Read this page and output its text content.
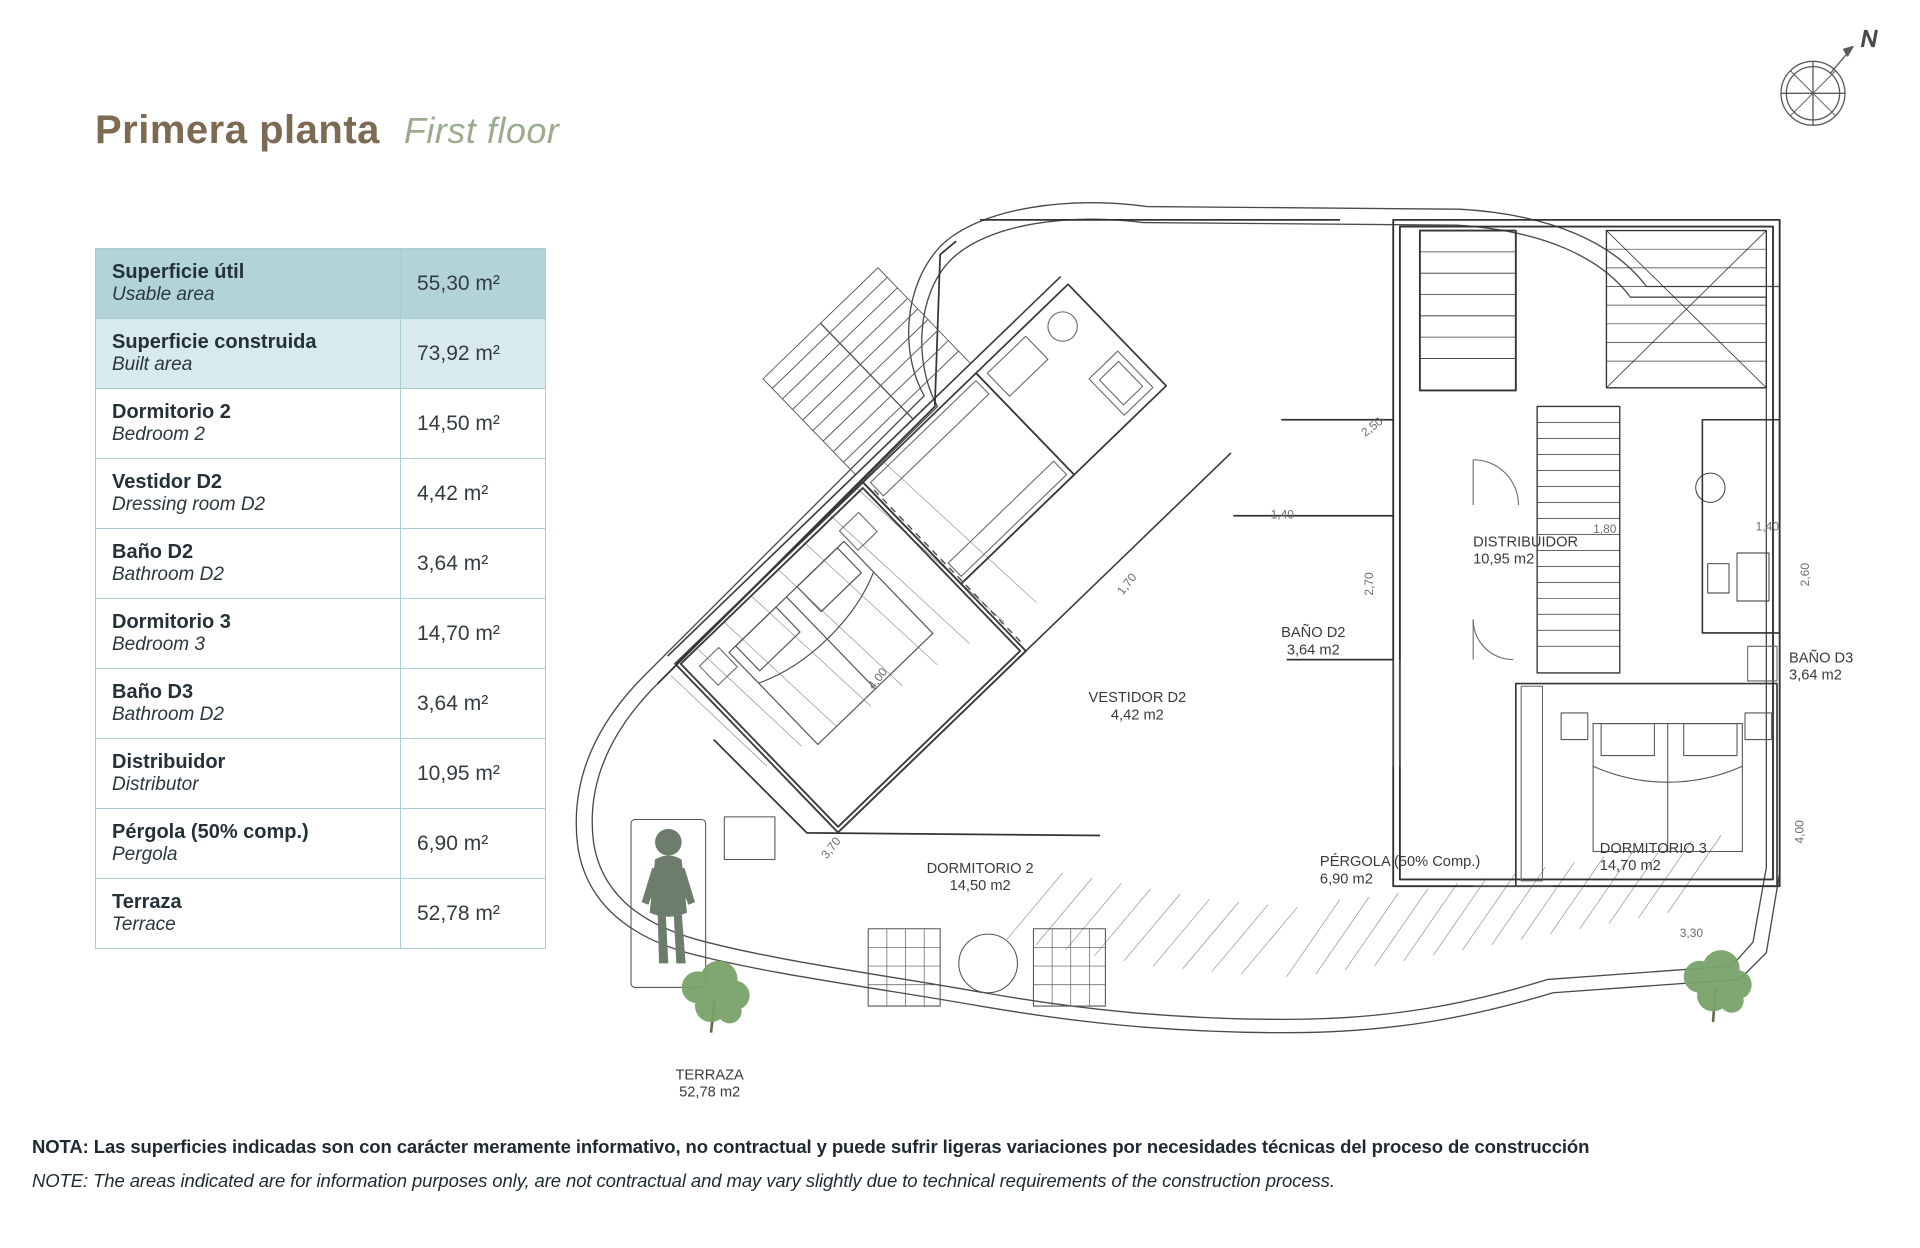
Primera planta First floor
Superficie útil
Usable area	55,30 m²

Superficie construida
Built area	73,92 m²

Dormitorio 2
Bedroom 2	14,50 m²

Vestidor D2
Dressing room D2	4,42 m²

Baño D2
Bathroom D2	3,64 m²

Dormitorio 3
Bedroom 3	14,70 m²

Baño D3
Bathroom D2	3,64 m²

Distribuidor
Distributor	10,95 m²

Pérgola (50% comp.)
Pergola	6,90 m²

Terraza
Terrace	52,78 m²
N
DORMITORIO 2
14,50 m2
VESTIDOR D2
4,42 m2
BAÑO D2
3,64 m2
DISTRIBUIDOR
10,95 m2
BAÑO D3
3,64 m2
DORMITORIO 3
14,70 m2
PÉRGOLA (50% Comp.)
6,90 m2
TERRAZA
52,78 m2
2,50
1,40
1,70	2,70
4,00
3,70
1,80	1,40
2,60
4,00
3,30
NOTA: Las superficies indicadas son con carácter meramente informativo, no contractual y puede sufrir ligeras variaciones por necesidades técnicas del proceso de construcción
NOTE: The areas indicated are for information purposes only, are not contractual and may vary slightly due to technical requirements of the construction process.
